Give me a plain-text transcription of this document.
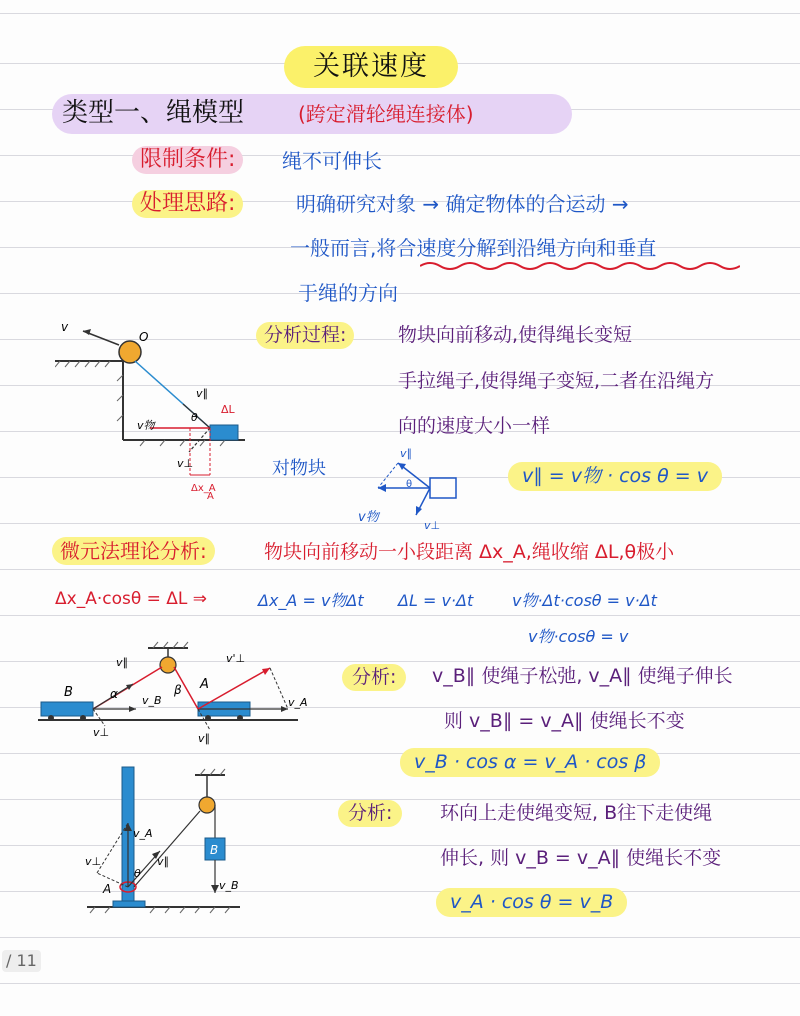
关联速度
类型一、绳模型	(跨定滑轮绳连接体)
限制条件:	绳不可伸长
处理思路:	明确研究对象 → 确定物体的合运动 →
一般而言,将合速度分解到沿绳方向和垂直
于绳的方向
v
O
v∥
θ
ΔL
v物
v⊥
Δx_A
A
分析过程:	物块向前移动,使得绳长变短
手拉绳子,使得绳子变短,二者在沿绳方
向的速度大小一样
对物块
v∥
v物
v⊥
θ	v∥ = v物 · cos θ = v
微元法理论分析:	物块向前移动一小段距离 Δx_A,绳收缩 ΔL,θ极小
Δx_A·cosθ = ΔL ⇒	Δx_A = v物Δt ΔL = v·Δt v物·Δt·cosθ = v·Δt
v物·cosθ = v
B	α v_B
v∥
v⊥
β A
v_A
v'⊥
v∥
分析:	v_B∥ 使绳子松弛, v_A∥ 使绳子伸长
则 v_B∥ = v_A∥ 使绳长不变
v_B · cos α = v_A · cos β
v_A
v⊥	v∥
θ
A
B
v_B
分析:	环向上走使绳变短, B往下走使绳
伸长, 则 v_B = v_A∥ 使绳长不变
v_A · cos θ = v_B
/ 11
